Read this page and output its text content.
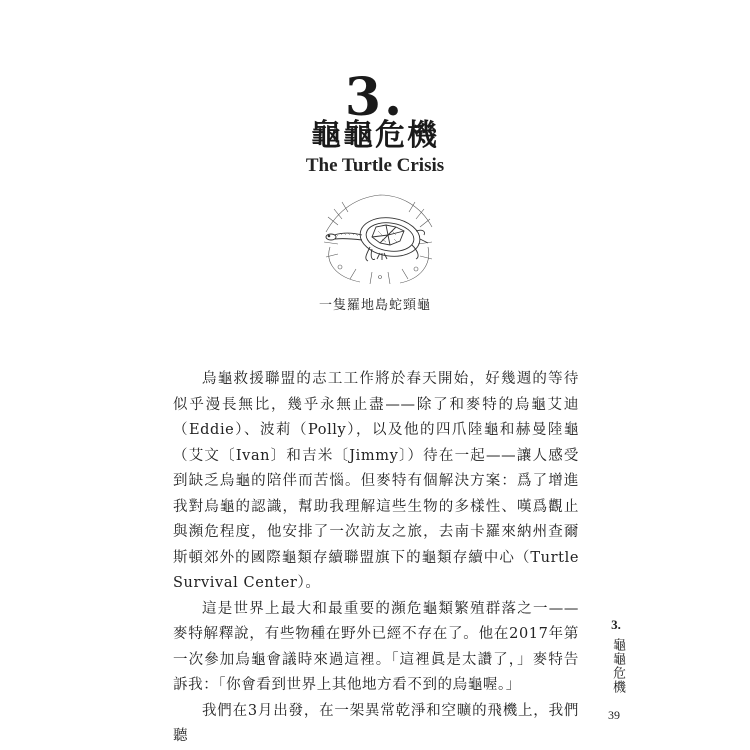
3.
龜龜危機
The Turtle Crisis
一隻羅地島蛇頸龜

烏龜救援聯盟的志工工作將於春天開始，好幾週的等待似乎漫長無比，幾乎永無止盡——除了和麥特的烏龜艾迪（Eddie）、波莉（Polly），以及他的四爪陸龜和赫曼陸龜（艾文〔Ivan〕和吉米〔Jimmy〕）待在一起——讓人感受到缺乏烏龜的陪伴而苦惱。但麥特有個解決方案：爲了增進我對烏龜的認識，幫助我理解這些生物的多樣性、嘆爲觀止與瀕危程度，他安排了一次訪友之旅，去南卡羅來納州查爾斯頓郊外的國際龜類存續聯盟旗下的龜類存續中心（Turtle Survival Center）。

這是世界上最大和最重要的瀕危龜類繁殖群落之一——麥特解釋說，有些物種在野外已經不存在了。他在2017年第一次參加烏龜會議時來過這裡。「這裡眞是太讚了，」麥特告訴我：「你會看到世界上其他地方看不到的烏龜喔。」

我們在3月出發，在一架異常乾淨和空曠的飛機上，我們聽

3.
龜龜危機
39
